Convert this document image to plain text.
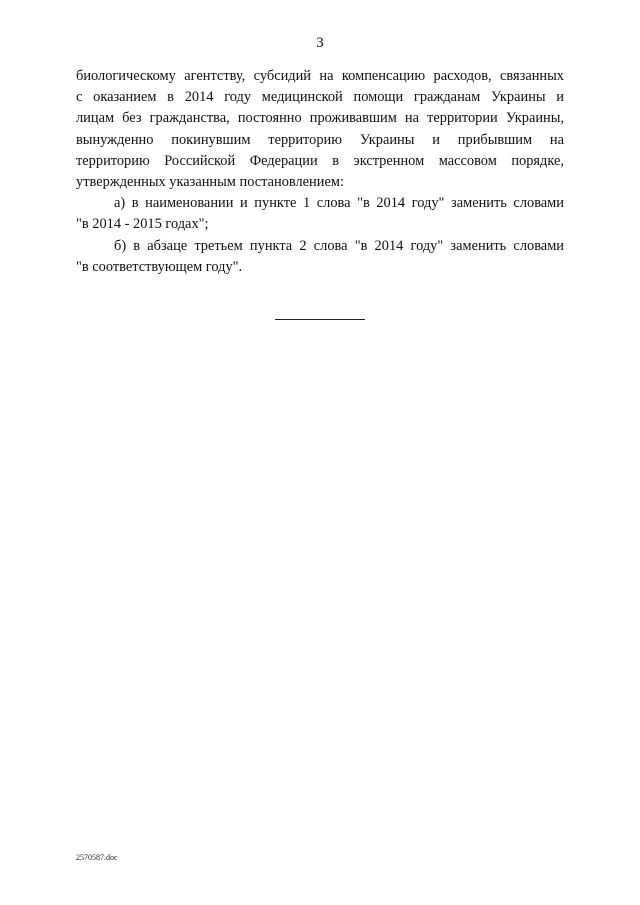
3

биологическому агентству, субсидий на компенсацию расходов, связанных
с оказанием в 2014 году медицинской помощи гражданам Украины и
лицам без гражданства, постоянно проживавшим на территории Украины,
вынужденно покинувшим территорию Украины и прибывшим на
территорию Российской Федерации в экстренном массовом порядке,
утвержденных указанным постановлением:

а) в наименовании и пункте 1 слова "в 2014 году" заменить словами
"в 2014 - 2015 годах";

б) в абзаце третьем пункта 2 слова "в 2014 году" заменить словами
"в соответствующем году".

2570587.doc
